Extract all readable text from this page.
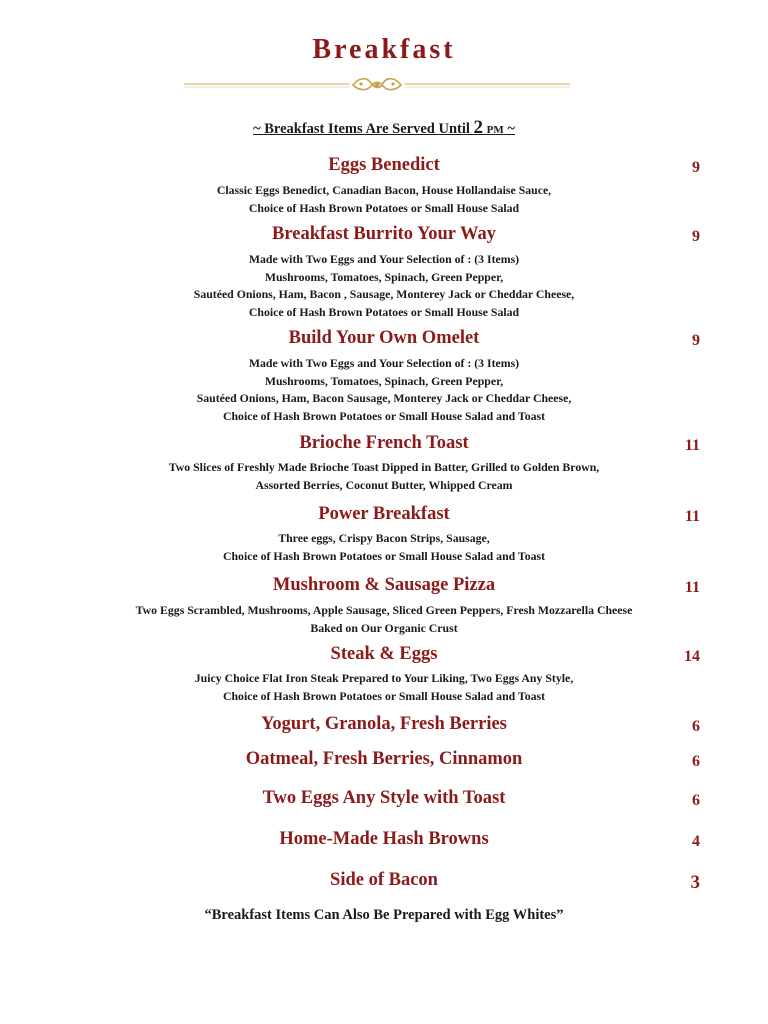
Breakfast
~ Breakfast Items Are Served Until 2 PM ~
Eggs Benedict	9
Classic Eggs Benedict, Canadian Bacon, House Hollandaise Sauce,
Choice of Hash Brown Potatoes or Small House Salad
Breakfast Burrito Your Way	9
Made with Two Eggs and Your Selection of : (3 Items)
Mushrooms, Tomatoes, Spinach, Green Pepper,
Sautéed Onions, Ham, Bacon , Sausage, Monterey Jack or Cheddar Cheese,
Choice of Hash Brown Potatoes or Small House Salad
Build Your Own Omelet	9
Made with Two Eggs and Your Selection of : (3 Items)
Mushrooms, Tomatoes, Spinach, Green Pepper,
Sautéed Onions, Ham, Bacon Sausage, Monterey Jack or Cheddar Cheese,
Choice of Hash Brown Potatoes or Small House Salad and Toast
Brioche French Toast	11
Two Slices of Freshly Made Brioche Toast Dipped in Batter, Grilled to Golden Brown,
Assorted Berries, Coconut Butter, Whipped Cream
Power Breakfast	11
Three eggs, Crispy Bacon Strips, Sausage,
Choice of Hash Brown Potatoes or Small House Salad and Toast
Mushroom & Sausage Pizza	11
Two Eggs Scrambled, Mushrooms, Apple Sausage, Sliced Green Peppers, Fresh Mozzarella Cheese
Baked on Our Organic Crust
Steak & Eggs	14
Juicy Choice Flat Iron Steak Prepared to Your Liking, Two Eggs Any Style,
Choice of Hash Brown Potatoes or Small House Salad and Toast
Yogurt, Granola, Fresh Berries	6
Oatmeal, Fresh Berries, Cinnamon	6
Two Eggs Any Style with Toast	6
Home-Made Hash Browns	4
Side of Bacon	3
“Breakfast Items Can Also Be Prepared with Egg Whites”
